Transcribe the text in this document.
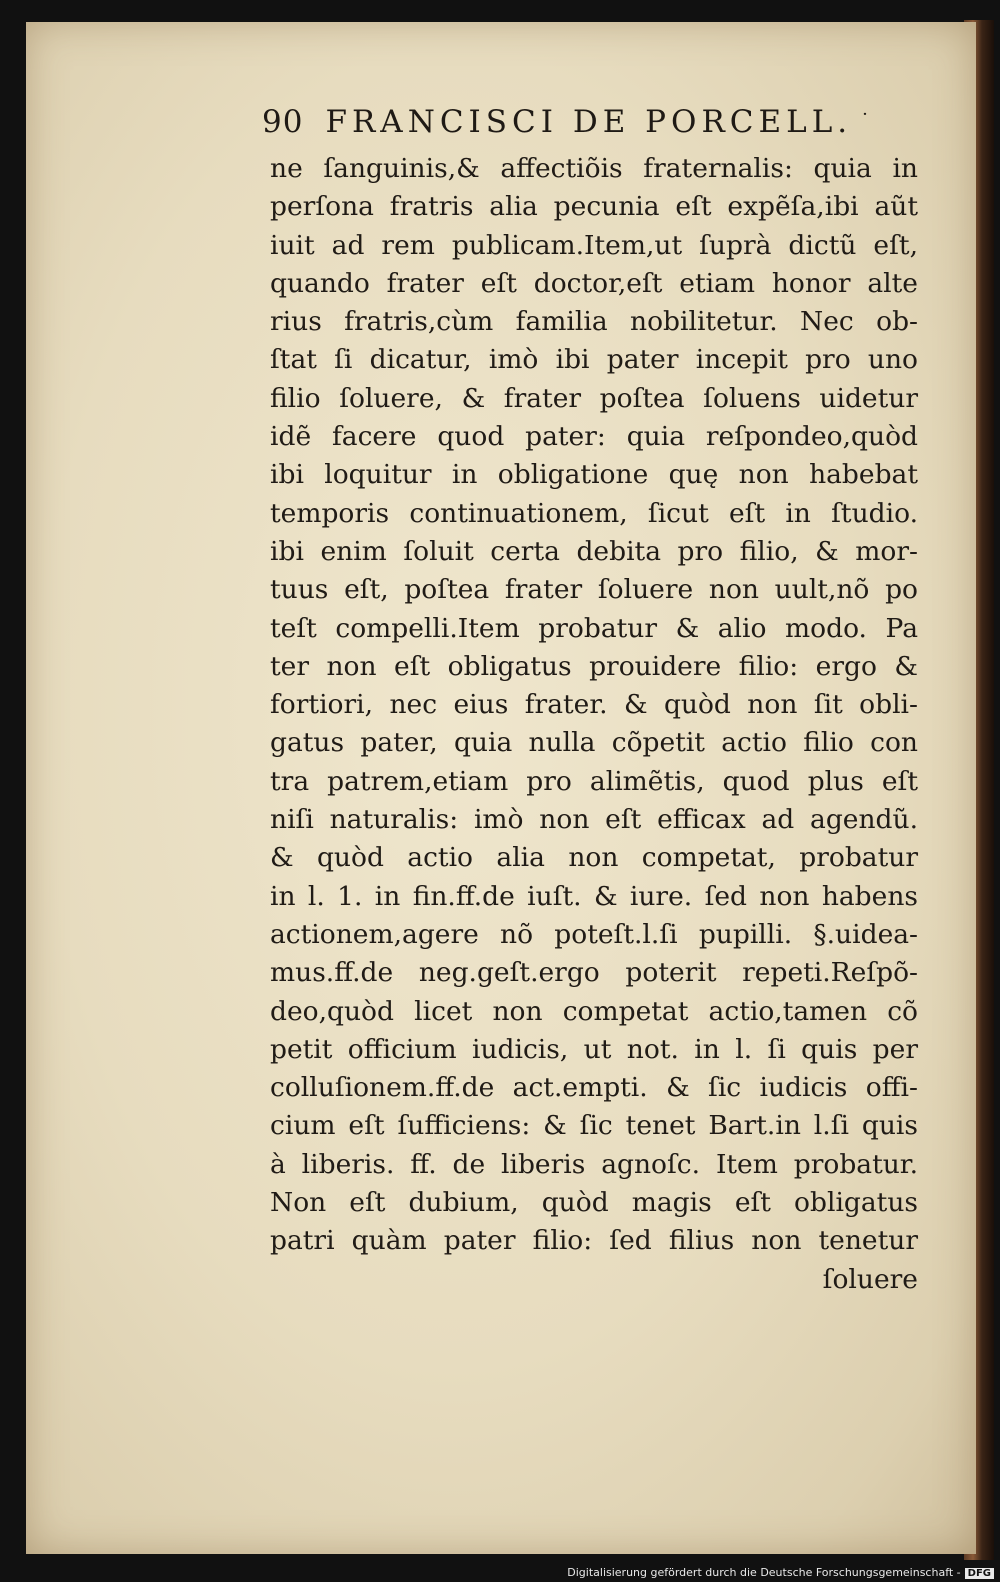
90 FRANCISCI DE PORCELL. ·
ne ſanguinis,& affectiõis fraternalis: quia in
perſona fratris alia pecunia eſt expẽſa,ibi aũt
iuit ad rem publicam.Item,ut ſuprà dictũ eſt,
quando frater eſt doctor,eſt etiam honor alte
rius fratris,cùm familia nobilitetur. Nec ob-
ſtat ſi dicatur, imò ibi pater incepit pro uno
filio ſoluere, & frater poſtea ſoluens uidetur
idẽ facere quod pater: quia reſpondeo,quòd
ibi loquitur in obligatione quę non habebat
temporis continuationem, ſicut eſt in ſtudio.
ibi enim ſoluit certa debita pro filio, & mor-
tuus eſt, poſtea frater ſoluere non uult,nõ po
teſt compelli.Item probatur & alio modo. Pa
ter non eſt obligatus prouidere filio: ergo &
fortiori, nec eius frater. & quòd non ſit obli-
gatus pater, quia nulla cõpetit actio filio con
tra patrem,etiam pro alimẽtis, quod plus eſt
niſi naturalis: imò non eſt efficax ad agendũ.
& quòd actio alia non competat, probatur
in l. 1. in fin.ff.de iuſt. & iure. ſed non habens
actionem,agere nõ poteſt.l.ſi pupilli. §.uidea-
mus.ff.de neg.geſt.ergo poterit repeti.Reſpõ-
deo,quòd licet non competat actio,tamen cõ
petit officium iudicis, ut not. in l. ſi quis per
colluſionem.ff.de act.empti. & ſic iudicis offi-
cium eſt ſufficiens: & ſic tenet Bart.in l.ſi quis
à liberis. ff. de liberis agnoſc. Item probatur.
Non eſt dubium, quòd magis eſt obligatus
patri quàm pater filio: ſed filius non tenetur
ſoluere
Digitalisierung gefördert durch die Deutsche Forschungsgemeinschaft - DFG
